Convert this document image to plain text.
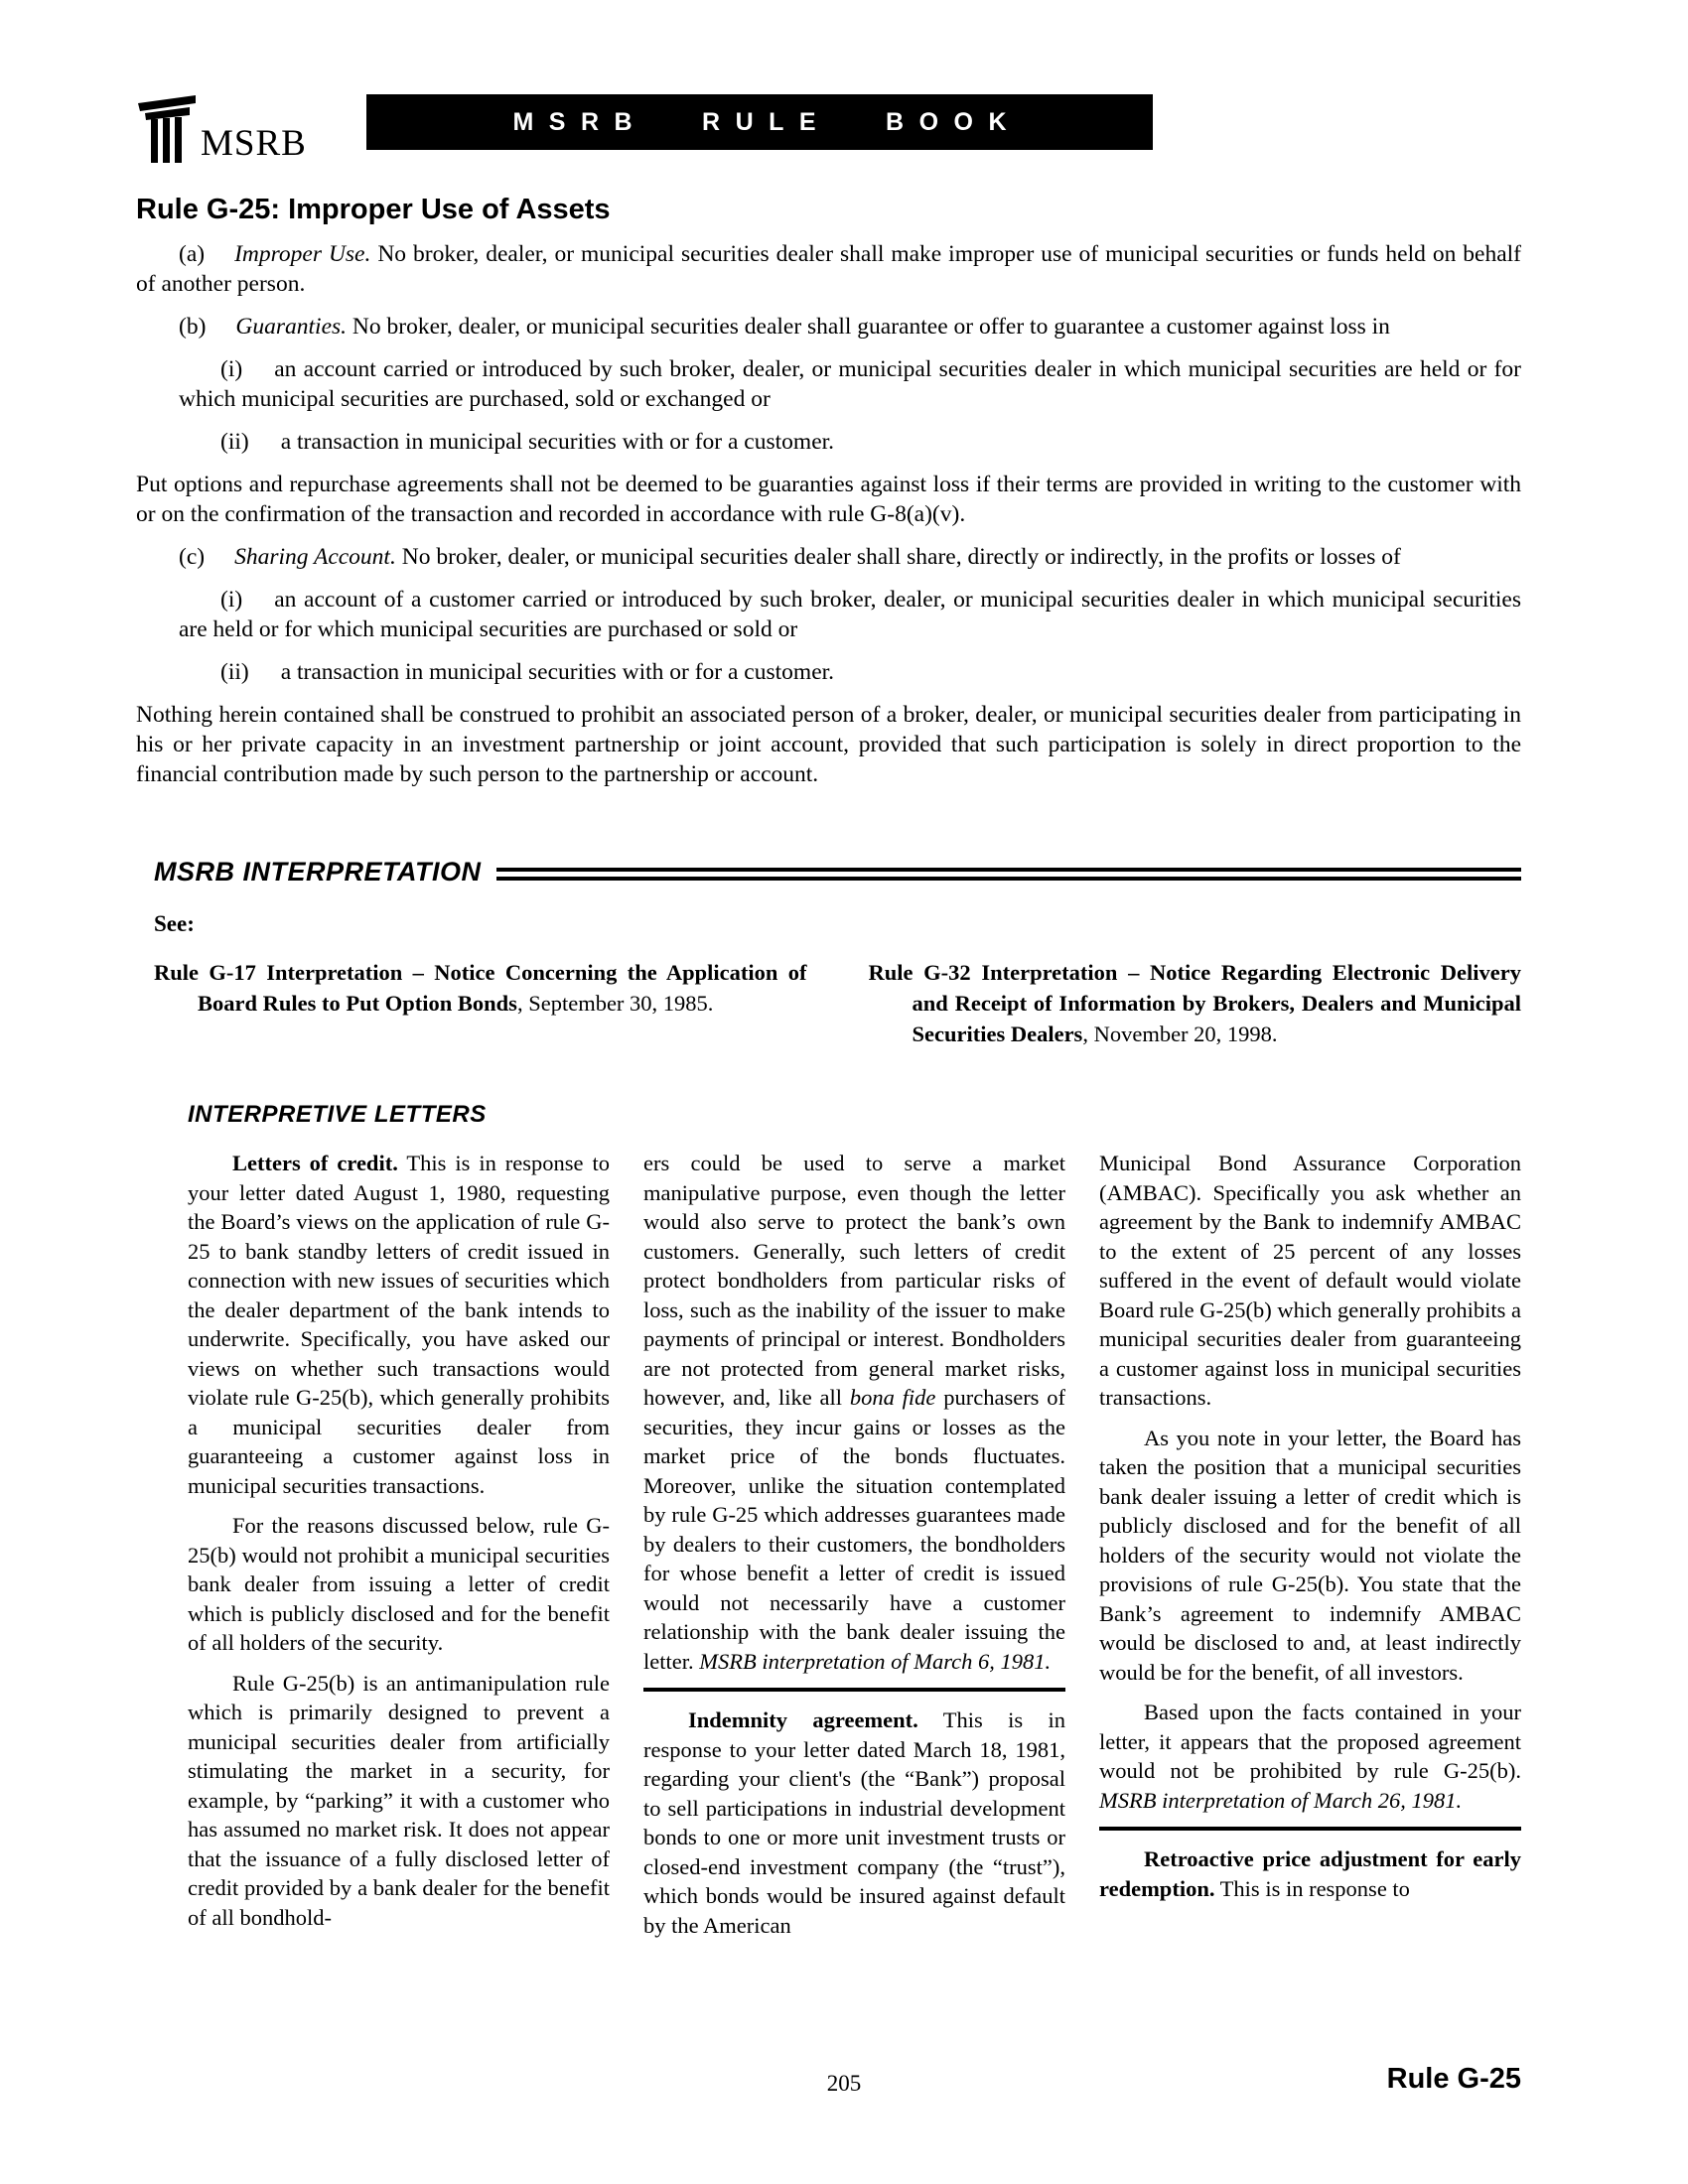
MSRB
MSRB RULE BOOK
Rule G-25: Improper Use of Assets

(a) Improper Use. No broker, dealer, or municipal securities dealer shall make improper use of municipal securities or funds held on behalf of another person.

(b) Guaranties. No broker, dealer, or municipal securities dealer shall guarantee or offer to guarantee a customer against loss in

(i) an account carried or introduced by such broker, dealer, or municipal securities dealer in which municipal securities are held or for which municipal securities are purchased, sold or exchanged or

(ii) a transaction in municipal securities with or for a customer.

Put options and repurchase agreements shall not be deemed to be guaranties against loss if their terms are provided in writing to the customer with or on the confirmation of the transaction and recorded in accordance with rule G-8(a)(v).

(c) Sharing Account. No broker, dealer, or municipal securities dealer shall share, directly or indirectly, in the profits or losses of

(i) an account of a customer carried or introduced by such broker, dealer, or municipal securities dealer in which municipal securities are held or for which municipal securities are purchased or sold or

(ii) a transaction in municipal securities with or for a customer.

Nothing herein contained shall be construed to prohibit an associated person of a broker, dealer, or municipal securities dealer from participating in his or her private capacity in an investment partnership or joint account, provided that such participation is solely in direct proportion to the financial contribution made by such person to the partnership or account.

MSRB INTERPRETATION
See:
Rule G-17 Interpretation – Notice Concerning the Application of Board Rules to Put Option Bonds, September 30, 1985.
Rule G-32 Interpretation – Notice Regarding Electronic Delivery and Receipt of Information by Brokers, Dealers and Municipal Securities Dealers, November 20, 1998.
INTERPRETIVE LETTERS

Letters of credit. This is in response to your letter dated August 1, 1980, requesting the Board’s views on the application of rule G-25 to bank standby letters of credit issued in connection with new issues of securities which the dealer department of the bank intends to underwrite. Specifically, you have asked our views on whether such transactions would violate rule G-25(b), which generally prohibits a municipal securities dealer from guaranteeing a customer against loss in municipal securities transactions.

For the reasons discussed below, rule G-25(b) would not prohibit a municipal securities bank dealer from issuing a letter of credit which is publicly disclosed and for the benefit of all holders of the security.

Rule G-25(b) is an antimanipulation rule which is primarily designed to prevent a municipal securities dealer from artificially stimulating the market in a security, for example, by “parking” it with a customer who has assumed no market risk. It does not appear that the issuance of a fully disclosed letter of credit provided by a bank dealer for the benefit of all bondhold-

ers could be used to serve a market manipulative purpose, even though the letter would also serve to protect the bank’s own customers. Generally, such letters of credit protect bondholders from particular risks of loss, such as the inability of the issuer to make payments of principal or interest. Bondholders are not protected from general market risks, however, and, like all bona fide purchasers of securities, they incur gains or losses as the market price of the bonds fluctuates. Moreover, unlike the situation contemplated by rule G-25 which addresses guarantees made by dealers to their customers, the bondholders for whose benefit a letter of credit is issued would not necessarily have a customer relationship with the bank dealer issuing the letter. MSRB interpretation of March 6, 1981.

Indemnity agreement. This is in response to your letter dated March 18, 1981, regarding your client's (the “Bank”) proposal to sell participations in industrial development bonds to one or more unit investment trusts or closed-end investment company (the “trust”), which bonds would be insured against default by the American

Municipal Bond Assurance Corporation (AMBAC). Specifically you ask whether an agreement by the Bank to indemnify AMBAC to the extent of 25 percent of any losses suffered in the event of default would violate Board rule G-25(b) which generally prohibits a municipal securities dealer from guaranteeing a customer against loss in municipal securities transactions.

As you note in your letter, the Board has taken the position that a municipal securities bank dealer issuing a letter of credit which is publicly disclosed and for the benefit of all holders of the security would not violate the provisions of rule G-25(b). You state that the Bank’s agreement to indemnify AMBAC would be disclosed to and, at least indirectly would be for the benefit, of all investors.

Based upon the facts contained in your letter, it appears that the proposed agreement would not be prohibited by rule G-25(b). MSRB interpretation of March 26, 1981.

Retroactive price adjustment for early redemption. This is in response to

205	Rule G-25
